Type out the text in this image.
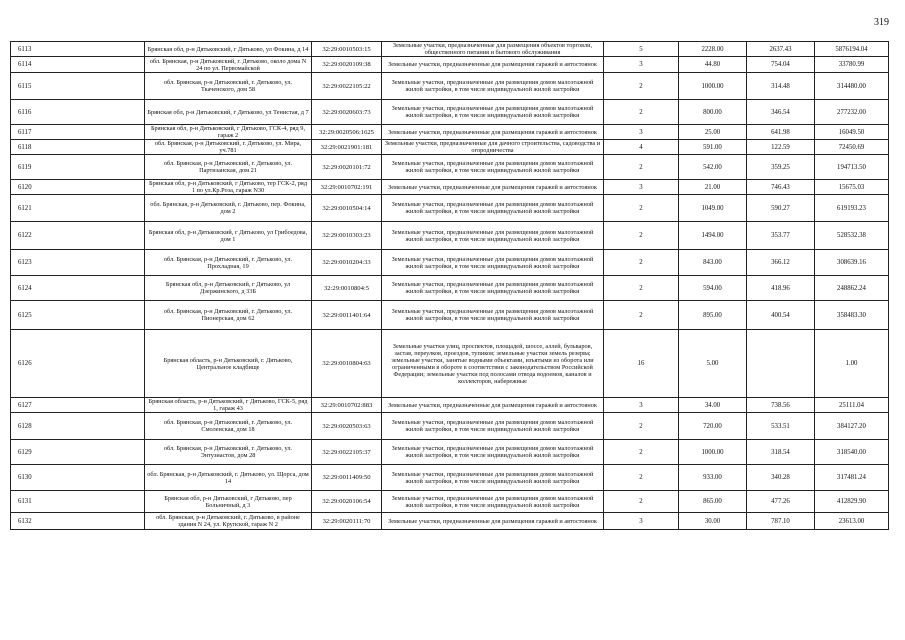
319
6113	Брянская обл, р-н Дятьковский, г Дятьково, ул Фокина, д 14	32:29:0010503:15	Земельные участки, предназначенные для размещения объектов торговли, общественного питания и бытового обслуживания	5	2228.00	2637.43	5876194.04
6114	обл. Брянская, р-н Дятьковский, г. Дятьково, около дома N 24 по ул. Первомайской	32:29:0020109:38	Земельные участки, предназначенные для размещения гаражей и автостоянок	3	44.80	754.04	33780.99
6115	обл. Брянская, р-н Дятьковский, г. Дятьково, ул. Ткаченского, дом 58	32:29:0022105:22	Земельные участки, предназначенные для размещения домов малоэтажной жилой застройки, в том числе индивидуальной жилой застройки	2	1000.00	314.48	314480.00
6116	Брянская обл, р-н Дятьковский, г Дятьково, ул Тенистая, д 7	32:29:0020603:73	Земельные участки, предназначенные для размещения домов малоэтажной жилой застройки, в том числе индивидуальной жилой застройки	2	800.00	346.54	277232.00
6117	Брянская обл, р-н Дятьковский, г Дятьково, ГСК-4, ряд 9, гараж 2	32:29:0020506:1625	Земельные участки, предназначенные для размещения гаражей и автостоянок	3	25.00	641.98	16049.50
6118	обл. Брянская, р-н Дятьковский, г. Дятьково, ул. Мира, уч.781	32:29:0021901:181	Земельные участки, предназначенные для дачного строительства, садоводства и огородничества	4	591.00	122.59	72450.69
6119	обл. Брянская, р-н Дятьковский, г. Дятьково, ул. Партизанская, дом 21	32:29:0020101:72	Земельные участки, предназначенные для размещения домов малоэтажной жилой застройки, в том числе индивидуальной жилой застройки	2	542.00	359.25	194713.50
6120	Брянская обл, р-н Дятьковский, г Дятьково, тер ГСК-2, ряд 1 по ул.Кр.Роза, гараж N30	32:29:0010702:191	Земельные участки, предназначенные для размещения гаражей и автостоянок	3	21.00	746.43	15675.03
6121	обл. Брянская, р-н Дятьковский, г. Дятьково, пер. Фокина, дом 2	32:29:0010504:14	Земельные участки, предназначенные для размещения домов малоэтажной жилой застройки, в том числе индивидуальной жилой застройки	2	1049.00	590.27	619193.23
6122	Брянская обл, р-н Дятьковский, г Дятьково, ул Грибоедова, дом 1	32:29:0010303:23	Земельные участки, предназначенные для размещения домов малоэтажной жилой застройки, в том числе индивидуальной жилой застройки	2	1494.00	353.77	528532.38
6123	обл. Брянская, р-н Дятьковский, г. Дятьково, ул. Прохладная, 19	32:29:0010204:33	Земельные участки, предназначенные для размещения домов малоэтажной жилой застройки, в том числе индивидуальной жилой застройки	2	843.00	366.12	308639.16
6124	Брянская обл, р-н Дятьковский, г Дятьково, ул Дзержинского, д 33Б	32:29:0010804:5	Земельные участки, предназначенные для размещения домов малоэтажной жилой застройки, в том числе индивидуальной жилой застройки	2	594.00	418.96	248862.24
6125	обл. Брянская, р-н Дятьковский, г. Дятьково, ул. Пионерская, дом 62	32:29:0011401:64	Земельные участки, предназначенные для размещения домов малоэтажной жилой застройки, в том числе индивидуальной жилой застройки	2	895.00	400.54	358483.30
6126	Брянская область, р-н Дятьковский, г. Дятьково, Центральное кладбище	32:29:0010804:63	Земельные участки улиц, проспектов, площадей, шоссе, аллей, бульваров, застав, переулков, проездов, тупиков; земельные участки земель резерва; земельные участки, занятые водными объектами, изъятыми из оборота или ограниченными в обороте в соответствии с законодательством Российской Федерации; земельные участки под полосами отвода водоемов, каналов и коллекторов, набережные	16	5.00		1.00
6127	Брянская область, р-н Дятьковский, г Дятьково, ГСК-5, ряд 1, гараж 43	32:29:0010702:883	Земельные участки, предназначенные для размещения гаражей и автостоянок	3	34.00	738.56	25111.04
6128	обл. Брянская, р-н Дятьковский, г. Дятьково, ул. Смоленская, дом 18	32:29:0020503:63	Земельные участки, предназначенные для размещения домов малоэтажной жилой застройки, в том числе индивидуальной жилой застройки	2	720.00	533.51	384127.20
6129	обл. Брянская, р-н Дятьковский, г. Дятьково, ул. Энтузиастов, дом 28	32:29:0022105:37	Земельные участки, предназначенные для размещения домов малоэтажной жилой застройки, в том числе индивидуальной жилой застройки	2	1000.00	318.54	318540.00
6130	обл. Брянская, р-н Дятьковский, г. Дятьково, ул. Щорса, дом 14	32:29:0011409:50	Земельные участки, предназначенные для размещения домов малоэтажной жилой застройки, в том числе индивидуальной жилой застройки	2	933.00	340.28	317481.24
6131	Брянская обл, р-н Дятьковский, г Дятьково, пер Больничный, д 3	32:29:0020106:54	Земельные участки, предназначенные для размещения домов малоэтажной жилой застройки, в том числе индивидуальной жилой застройки	2	865.00	477.26	412829.90
6132	обл. Брянская, р-н Дятьковский, г. Дятьково, в районе здания N 24, ул. Крупской, гараж N 2	32:29:0020111:70	Земельные участки, предназначенные для размещения гаражей и автостоянок	3	30.00	787.10	23613.00
